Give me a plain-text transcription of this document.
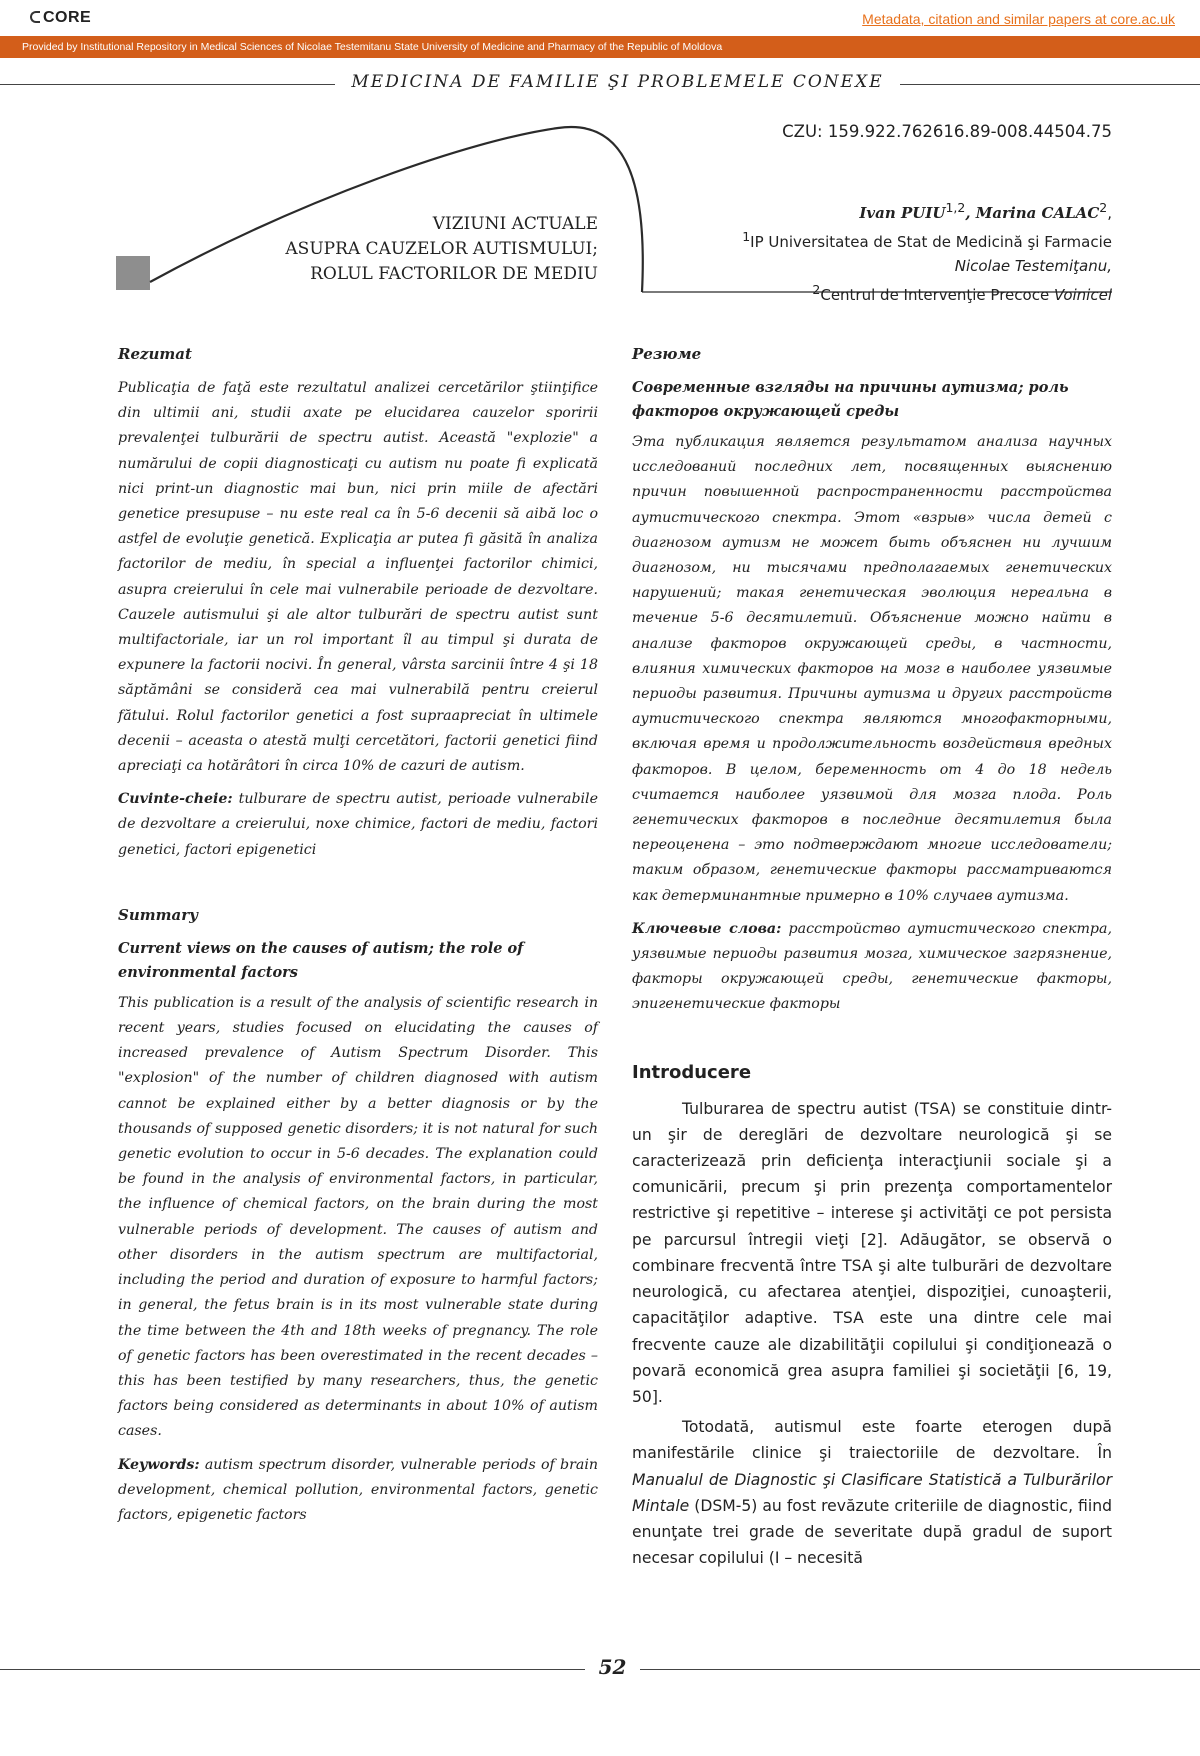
CORE	Metadata, citation and similar papers at core.ac.uk
Provided by Institutional Repository in Medical Sciences of Nicolae Testemitanu State University of Medicine and Pharmacy of the Republic of Moldova
MEDICINA DE FAMILIE ŞI PROBLEMELE CONEXE
CZU: 159.922.762616.89-008.44504.75
VIZIUNI ACTUALE
ASUPRA CAUZELOR AUTISMULUI;
ROLUL FACTORILOR DE MEDIU
Ivan PUIU$^{1,2}$, Marina CALAC$^2$,
$^1$IP Universitatea de Stat de Medicină şi Farmacie
Nicolae Testemiţanu,
$^2$Centrul de Intervenţie Precoce Voinicel
Rezumat
Publicaţia de faţă este rezultatul analizei cercetărilor ştiinţifice din ultimii ani, studii axate pe elucidarea cauzelor sporirii prevalenţei tulburării de spectru autist. Această "explozie" a numărului de copii diagnosticaţi cu autism nu poate fi explicată nici print-un diagnostic mai bun, nici prin miile de afectări genetice presupuse – nu este real ca în 5-6 decenii să aibă loc o astfel de evoluţie genetică. Explicaţia ar putea fi găsită în analiza factorilor de mediu, în special a influenţei factorilor chimici, asupra creierului în cele mai vulnerabile perioade de dezvoltare. Cauzele autismului şi ale altor tulburări de spectru autist sunt multifactoriale, iar un rol important îl au timpul şi durata de expunere la factorii nocivi. În general, vârsta sarcinii între 4 şi 18 săptămâni se consideră cea mai vulnerabilă pentru creierul fătului. Rolul factorilor genetici a fost supraapreciat în ultimele decenii – aceasta o atestă mulţi cercetători, factorii genetici fiind apreciaţi ca hotărâtori în circa 10% de cazuri de autism.
Cuvinte-cheie: tulburare de spectru autist, perioade vulnerabile de dezvoltare a creierului, noxe chimice, factori de mediu, factori genetici, factori epigenetici
Summary
Current views on the causes of autism; the role of environmental factors
This publication is a result of the analysis of scientific research in recent years, studies focused on elucidating the causes of increased prevalence of Autism Spectrum Disorder. This "explosion" of the number of children diagnosed with autism cannot be explained either by a better diagnosis or by the thousands of supposed genetic disorders; it is not natural for such genetic evolution to occur in 5-6 decades. The explanation could be found in the analysis of environmental factors, in particular, the influence of chemical factors, on the brain during the most vulnerable periods of development. The causes of autism and other disorders in the autism spectrum are multifactorial, including the period and duration of exposure to harmful factors; in general, the fetus brain is in its most vulnerable state during the time between the 4th and 18th weeks of pregnancy. The role of genetic factors has been overestimated in the recent decades – this has been testified by many researchers, thus, the genetic factors being considered as determinants in about 10% of autism cases.
Keywords: autism spectrum disorder, vulnerable periods of brain development, chemical pollution, environmental factors, genetic factors, epigenetic factors
Резюме
Современные взгляды на причины аутизма; роль факторов окружающей среды
Эта публикация является результатом анализа научных исследований последних лет, посвященных выяснению причин повышенной распространенности расстройства аутистического спектра. Этот «взрыв» числа детей с диагнозом аутизм не может быть объяснен ни лучшим диагнозом, ни тысячами предполагаемых генетических нарушений; такая генетическая эволюция нереальна в течение 5-6 десятилетий. Объяснение можно найти в анализе факторов окружающей среды, в частности, влияния химических факторов на мозг в наиболее уязвимые периоды развития. Причины аутизма и других расстройств аутистического спектра являются многофакторными, включая время и продолжительность воздействия вредных факторов. В целом, беременность от 4 до 18 недель считается наиболее уязвимой для мозга плода. Роль генетических факторов в последние десятилетия была переоценена – это подтверждают многие исследователи; таким образом, генетические факторы рассматриваются как детерминантные примерно в 10% случаев аутизма.
Ключевые слова: расстройство аутистического спектра, уязвимые периоды развития мозга, химическое загрязнение, факторы окружающей среды, генетические факторы, эпигенетические факторы
Introducere
Tulburarea de spectru autist (TSA) se constituie dintr-un şir de dereglări de dezvoltare neurologică şi se caracterizează prin deficienţa interacţiunii sociale şi a comunicării, precum şi prin prezenţa comportamentelor restrictive şi repetitive – interese şi activităţi ce pot persista pe parcursul întregii vieţi [2]. Adăugător, se observă o combinare frecventă între TSA şi alte tulburări de dezvoltare neurologică, cu afectarea atenţiei, dispoziţiei, cunoaşterii, capacităţilor adaptive. TSA este una dintre cele mai frecvente cauze ale dizabilităţii copilului şi condiţionează o povară economică grea asupra familiei şi societăţii [6, 19, 50].
Totodată, autismul este foarte eterogen după manifestările clinice şi traiectoriile de dezvoltare. În Manualul de Diagnostic şi Clasificare Statistică a Tulburărilor Mintale (DSM-5) au fost revăzute criteriile de diagnostic, fiind enunţate trei grade de severitate după gradul de suport necesar copilului (I – necesită
52
